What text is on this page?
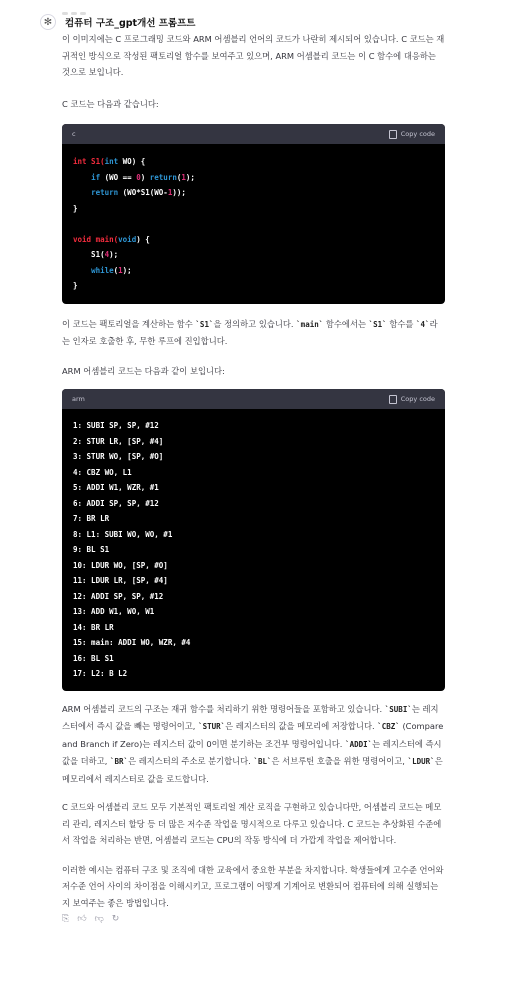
✻	컴퓨터 구조_gpt개선 프롬프트

이 이미지에는 C 프로그래밍 코드와 ARM 어셈블리 언어의 코드가 나란히 제시되어 있습니다. C 코드는 재귀적인 방식으로 작성된 팩토리얼 함수를 보여주고 있으며, ARM 어셈블리 코드는 이 C 함수에 대응하는 것으로 보입니다.

C 코드는 다음과 같습니다:

c	Copy code
int S1(int WO) {
if (WO == 0) return(1);
return (WO*S1(WO-1));
}

void main(void) {
S1(4);
while(1);
}

이 코드는 팩토리얼을 계산하는 함수 `S1`을 정의하고 있습니다. `main` 함수에서는 `S1` 함수를 `4`라는 인자로 호출한 후, 무한 루프에 진입합니다.

ARM 어셈블리 코드는 다음과 같이 보입니다:

arm	Copy code
1: SUBI SP, SP, #12
2: STUR LR, [SP, #4]
3: STUR WO, [SP, #O]
4: CBZ WO, L1
5: ADDI W1, WZR, #1
6: ADDI SP, SP, #12
7: BR LR
8: L1: SUBI WO, WO, #1
9: BL S1
10: LDUR WO, [SP, #O]
11: LDUR LR, [SP, #4]
12: ADDI SP, SP, #12
13: ADD W1, WO, W1
14: BR LR
15: main: ADDI WO, WZR, #4
16: BL S1
17: L2: B L2

ARM 어셈블리 코드의 구조는 재귀 함수를 처리하기 위한 명령어들을 포함하고 있습니다. `SUBI`는 레지스터에서 즉시 값을 빼는 명령어이고, `STUR`은 레지스터의 값을 메모리에 저장합니다. `CBZ` (Compare and Branch if Zero)는 레지스터 값이 0이면 분기하는 조건부 명령어입니다. `ADDI`는 레지스터에 즉시 값을 더하고, `BR`은 레지스터의 주소로 분기합니다. `BL`은 서브루틴 호출을 위한 명령어이고, `LDUR`은 메모리에서 레지스터로 값을 로드합니다.

C 코드와 어셈블리 코드 모두 기본적인 팩토리얼 계산 로직을 구현하고 있습니다만, 어셈블리 코드는 메모리 관리, 레지스터 할당 등 더 많은 저수준 작업을 명시적으로 다루고 있습니다. C 코드는 추상화된 수준에서 작업을 처리하는 반면, 어셈블리 코드는 CPU의 작동 방식에 더 가깝게 작업을 제어합니다.

이러한 예시는 컴퓨터 구조 및 조직에 대한 교육에서 중요한 부분을 차지합니다. 학생들에게 고수준 언어와 저수준 언어 사이의 차이점을 이해시키고, 프로그램이 어떻게 기계어로 변환되어 컴퓨터에 의해 실행되는지 보여주는 좋은 방법입니다.

⎘ 👍︎ 👎︎ ↻
